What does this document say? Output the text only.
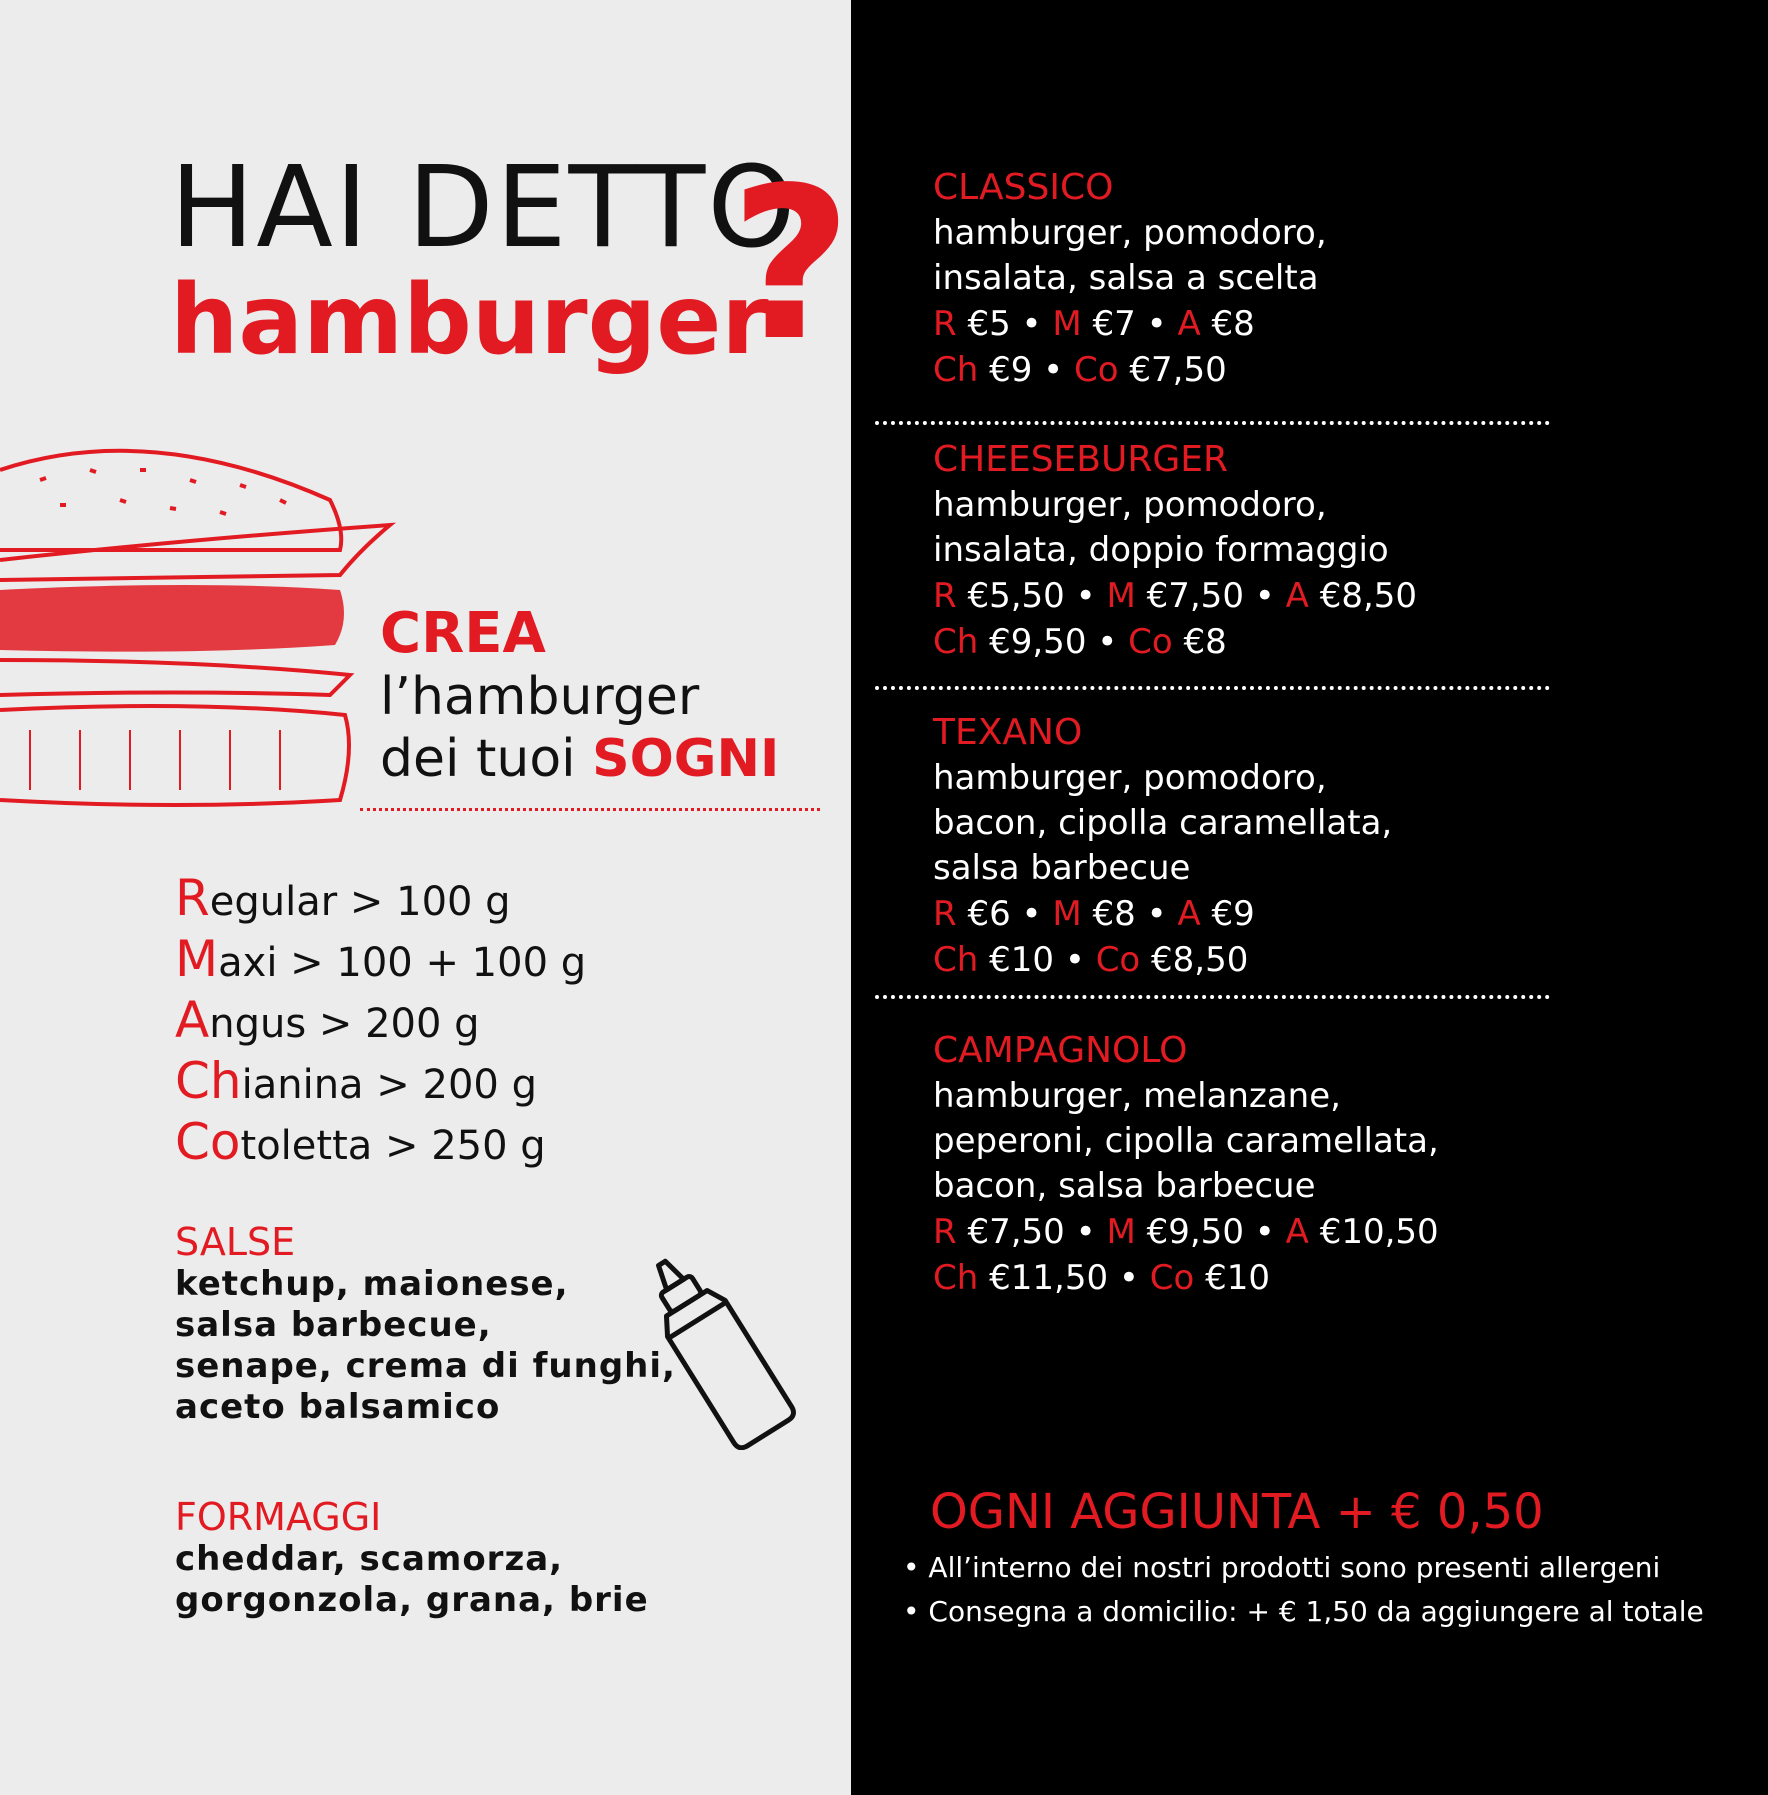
HAI DETTO
hamburger
?
CREA
l’hamburger
dei tuoi SOGNI
Regular > 100 g
Maxi > 100 + 100 g
Angus > 200 g
Chianina > 200 g
Cotoletta > 250 g
SALSE
ketchup, maionese,
salsa barbecue,
senape, crema di funghi,
aceto balsamico
FORMAGGI
cheddar, scamorza,
gorgonzola, grana, brie
CLASSICO
hamburger, pomodoro,
insalata, salsa a scelta
R €5 • M €7 • A €8
Ch €9 • Co €7,50
CHEESEBURGER
hamburger, pomodoro,
insalata, doppio formaggio
R €5,50 • M €7,50 • A €8,50
Ch €9,50 • Co €8
TEXANO
hamburger, pomodoro,
bacon, cipolla caramellata,
salsa barbecue
R €6 • M €8 • A €9
Ch €10 • Co €8,50
CAMPAGNOLO
hamburger, melanzane,
peperoni, cipolla caramellata,
bacon, salsa barbecue
R €7,50 • M €9,50 • A €10,50
Ch €11,50 • Co €10
OGNI AGGIUNTA + € 0,50
• All’interno dei nostri prodotti sono presenti allergeni
• Consegna a domicilio: + € 1,50 da aggiungere al totale
